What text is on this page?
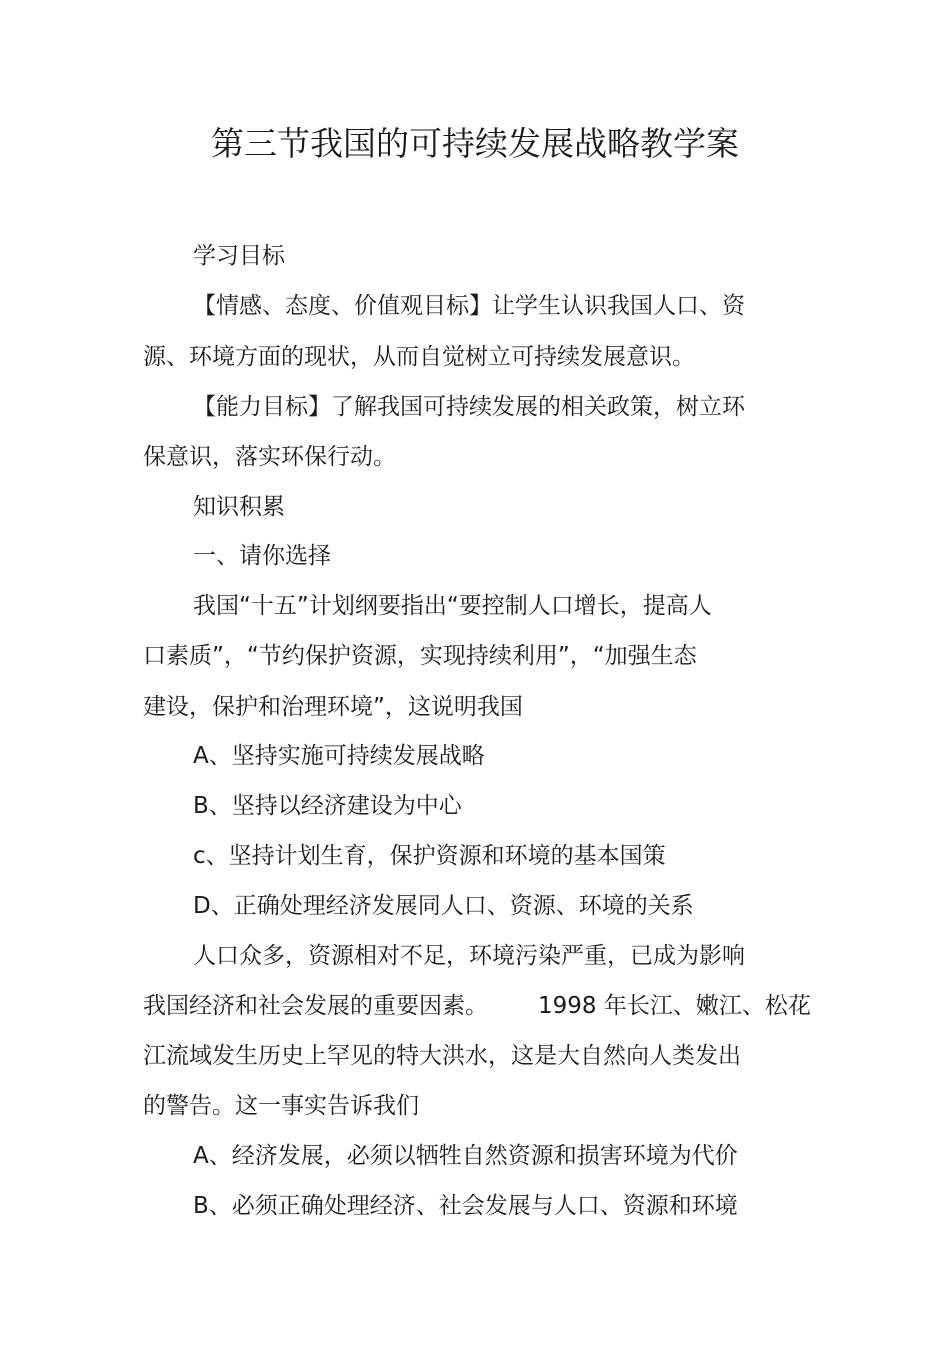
第三节我国的可持续发展战略教学案
学习目标
【情感、态度、价值观目标】让学生认识我国人口、资
源、环境方面的现状，从而自觉树立可持续发展意识。
【能力目标】了解我国可持续发展的相关政策，树立环
保意识，落实环保行动。
知识积累
一、请你选择
我国“十五”计划纲要指出“要控制人口增长，提高人
口素质”，“节约保护资源，实现持续利用”，“加强生态
建设，保护和治理环境”，这说明我国
A、坚持实施可持续发展战略
B、坚持以经济建设为中心
c、坚持计划生育，保护资源和环境的基本国策
D、正确处理经济发展同人口、资源、环境的关系
人口众多，资源相对不足，环境污染严重，已成为影响
我国经济和社会发展的重要因素。 1998 年长江、嫩江、松花
江流域发生历史上罕见的特大洪水，这是大自然向人类发出
的警告。这一事实告诉我们
A、经济发展，必须以牺牲自然资源和损害环境为代价
B、必须正确处理经济、社会发展与人口、资源和环境
